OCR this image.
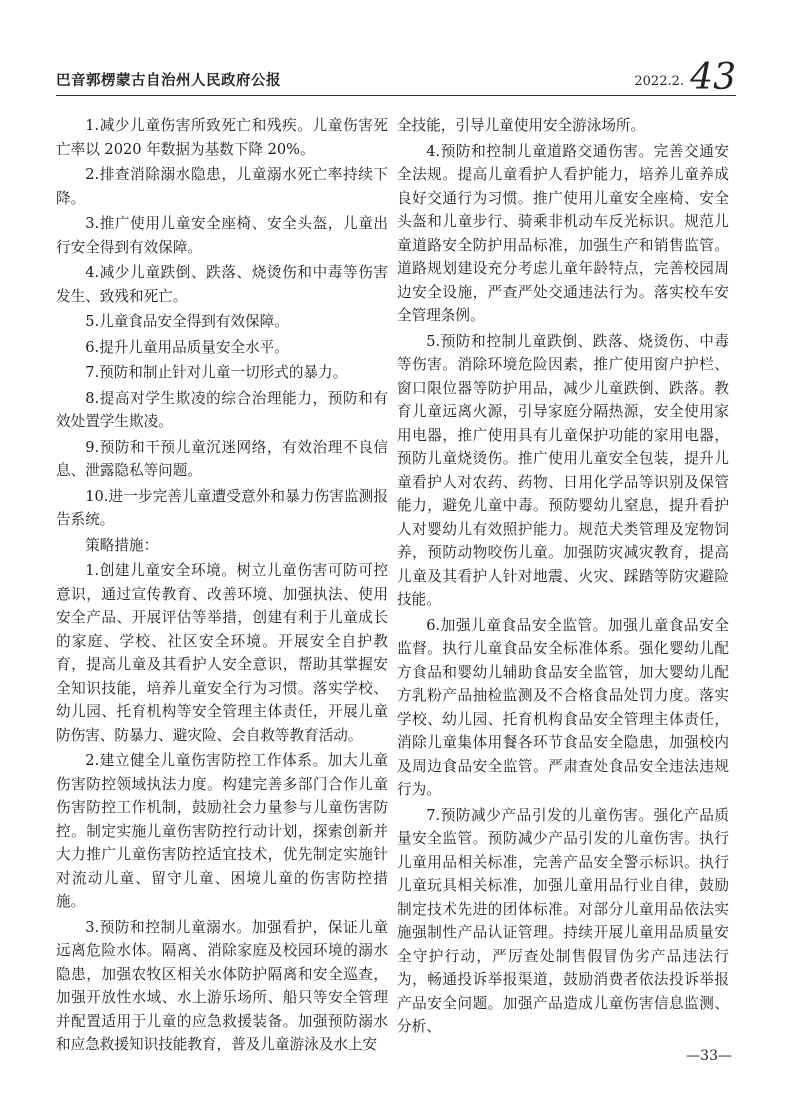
巴音郭楞蒙古自治州人民政府公报	2022.2. 43

1.减少儿童伤害所致死亡和残疾。儿童伤害死亡率以 2020 年数据为基数下降 20%。

2.排查消除溺水隐患，儿童溺水死亡率持续下降。

3.推广使用儿童安全座椅、安全头盔，儿童出行安全得到有效保障。

4.减少儿童跌倒、跌落、烧烫伤和中毒等伤害发生、致残和死亡。

5.儿童食品安全得到有效保障。

6.提升儿童用品质量安全水平。

7.预防和制止针对儿童一切形式的暴力。

8.提高对学生欺凌的综合治理能力，预防和有效处置学生欺凌。

9.预防和干预儿童沉迷网络，有效治理不良信息、泄露隐私等问题。

10.进一步完善儿童遭受意外和暴力伤害监测报告系统。

策略措施：

1.创建儿童安全环境。树立儿童伤害可防可控意识，通过宣传教育、改善环境、加强执法、使用安全产品、开展评估等举措，创建有利于儿童成长的家庭、学校、社区安全环境。开展安全自护教育，提高儿童及其看护人安全意识，帮助其掌握安全知识技能，培养儿童安全行为习惯。落实学校、幼儿园、托育机构等安全管理主体责任，开展儿童防伤害、防暴力、避灾险、会自救等教育活动。

2.建立健全儿童伤害防控工作体系。加大儿童伤害防控领域执法力度。构建完善多部门合作儿童伤害防控工作机制，鼓励社会力量参与儿童伤害防控。制定实施儿童伤害防控行动计划，探索创新并大力推广儿童伤害防控适宜技术，优先制定实施针对流动儿童、留守儿童、困境儿童的伤害防控措施。

3.预防和控制儿童溺水。加强看护，保证儿童远离危险水体。隔离、消除家庭及校园环境的溺水隐患，加强农牧区相关水体防护隔离和安全巡查，加强开放性水域、水上游乐场所、船只等安全管理并配置适用于儿童的应急救援装备。加强预防溺水和应急救援知识技能教育，普及儿童游泳及水上安

全技能，引导儿童使用安全游泳场所。

4.预防和控制儿童道路交通伤害。完善交通安全法规。提高儿童看护人看护能力，培养儿童养成良好交通行为习惯。推广使用儿童安全座椅、安全头盔和儿童步行、骑乘非机动车反光标识。规范儿童道路安全防护用品标准，加强生产和销售监管。道路规划建设充分考虑儿童年龄特点，完善校园周边安全设施，严查严处交通违法行为。落实校车安全管理条例。

5.预防和控制儿童跌倒、跌落、烧烫伤、中毒等伤害。消除环境危险因素，推广使用窗户护栏、窗口限位器等防护用品，减少儿童跌倒、跌落。教育儿童远离火源，引导家庭分隔热源，安全使用家用电器，推广使用具有儿童保护功能的家用电器，预防儿童烧烫伤。推广使用儿童安全包装，提升儿童看护人对农药、药物、日用化学品等识别及保管能力，避免儿童中毒。预防婴幼儿窒息，提升看护人对婴幼儿有效照护能力。规范犬类管理及宠物饲养，预防动物咬伤儿童。加强防灾减灾教育，提高儿童及其看护人针对地震、火灾、踩踏等防灾避险技能。

6.加强儿童食品安全监管。加强儿童食品安全监督。执行儿童食品安全标准体系。强化婴幼儿配方食品和婴幼儿辅助食品安全监管，加大婴幼儿配方乳粉产品抽检监测及不合格食品处罚力度。落实学校、幼儿园、托育机构食品安全管理主体责任，消除儿童集体用餐各环节食品安全隐患，加强校内及周边食品安全监管。严肃查处食品安全违法违规行为。

7.预防减少产品引发的儿童伤害。强化产品质量安全监管。预防减少产品引发的儿童伤害。执行儿童用品相关标准，完善产品安全警示标识。执行儿童玩具相关标准，加强儿童用品行业自律，鼓励制定技术先进的团体标准。对部分儿童用品依法实施强制性产品认证管理。持续开展儿童用品质量安全守护行动，严厉查处制售假冒伪劣产品违法行为，畅通投诉举报渠道，鼓励消费者依法投诉举报产品安全问题。加强产品造成儿童伤害信息监测、分析、

—33—
